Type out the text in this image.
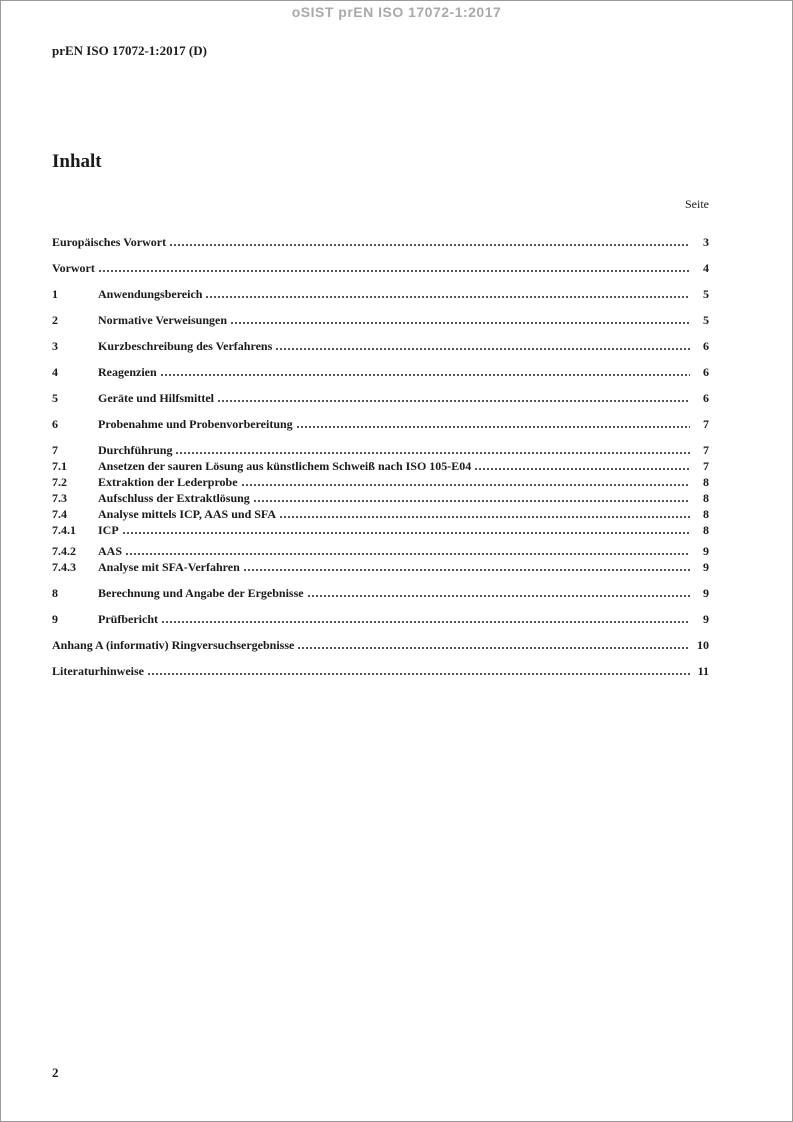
oSIST prEN ISO 17072-1:2017
prEN ISO 17072-1:2017 (D)
Inhalt
Seite
Europäisches Vorwort	3
Vorwort	4
1	Anwendungsbereich	5
2	Normative Verweisungen	5
3	Kurzbeschreibung des Verfahrens	6
4	Reagenzien	6
5	Geräte und Hilfsmittel	6
6	Probenahme und Probenvorbereitung	7
7	Durchführung	7
7.1	Ansetzen der sauren Lösung aus künstlichem Schweiß nach ISO 105-E04	7
7.2	Extraktion der Lederprobe	8
7.3	Aufschluss der Extraktlösung	8
7.4	Analyse mittels ICP, AAS und SFA	8
7.4.1	ICP	8
7.4.2	AAS	9
7.4.3	Analyse mit SFA-Verfahren	9
8	Berechnung und Angabe der Ergebnisse	9
9	Prüfbericht	9
Anhang A (informativ) Ringversuchsergebnisse	10
Literaturhinweise	11
2
